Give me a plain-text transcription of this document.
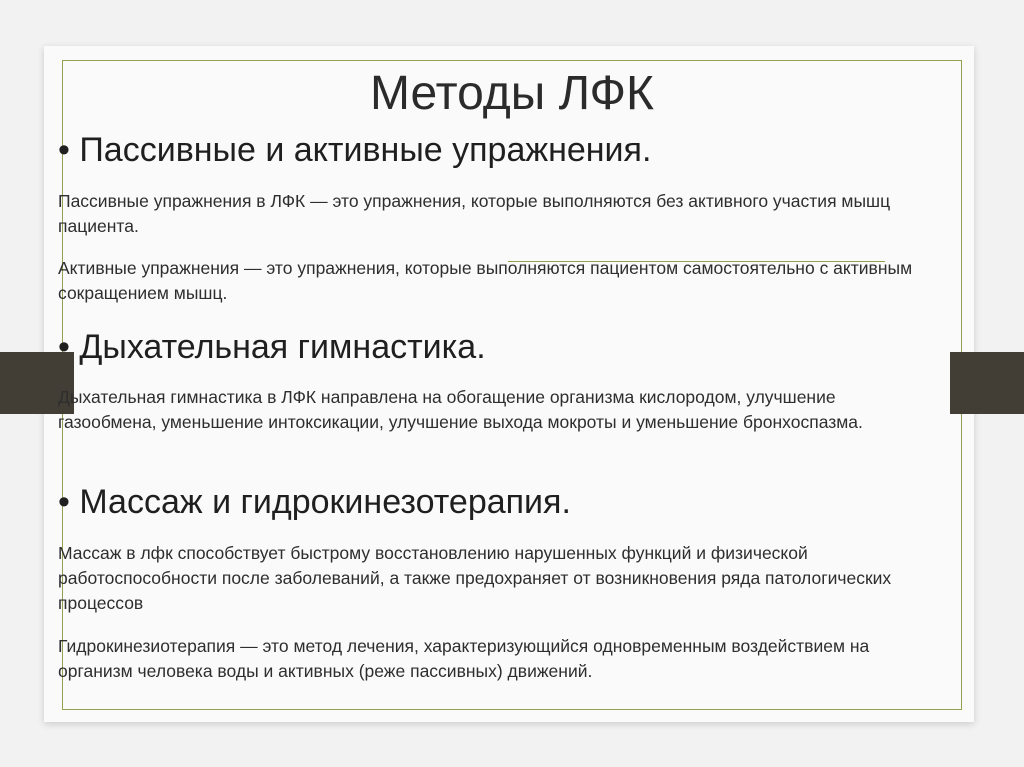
Методы ЛФК
• Пассивные и активные упражнения.
Пассивные упражнения в ЛФК — это упражнения, которые выполняются без активного участия мышц пациента.
Активные упражнения — это упражнения, которые выполняются пациентом самостоятельно с активным сокращением мышц.
• Дыхательная гимнастика.
Дыхательная гимнастика в ЛФК направлена на обогащение организма кислородом, улучшение газообмена, уменьшение интоксикации, улучшение выхода мокроты и уменьшение бронхоспазма.
• Массаж и гидрокинезотерапия.
Массаж в лфк способствует быстрому восстановлению нарушенных функций и физической работоспособности после заболеваний, а также предохраняет от возникновения ряда патологических процессов
Гидрокинезиотерапия — это метод лечения, характеризующийся одновременным воздействием на организм человека воды и активных (реже пассивных) движений.
